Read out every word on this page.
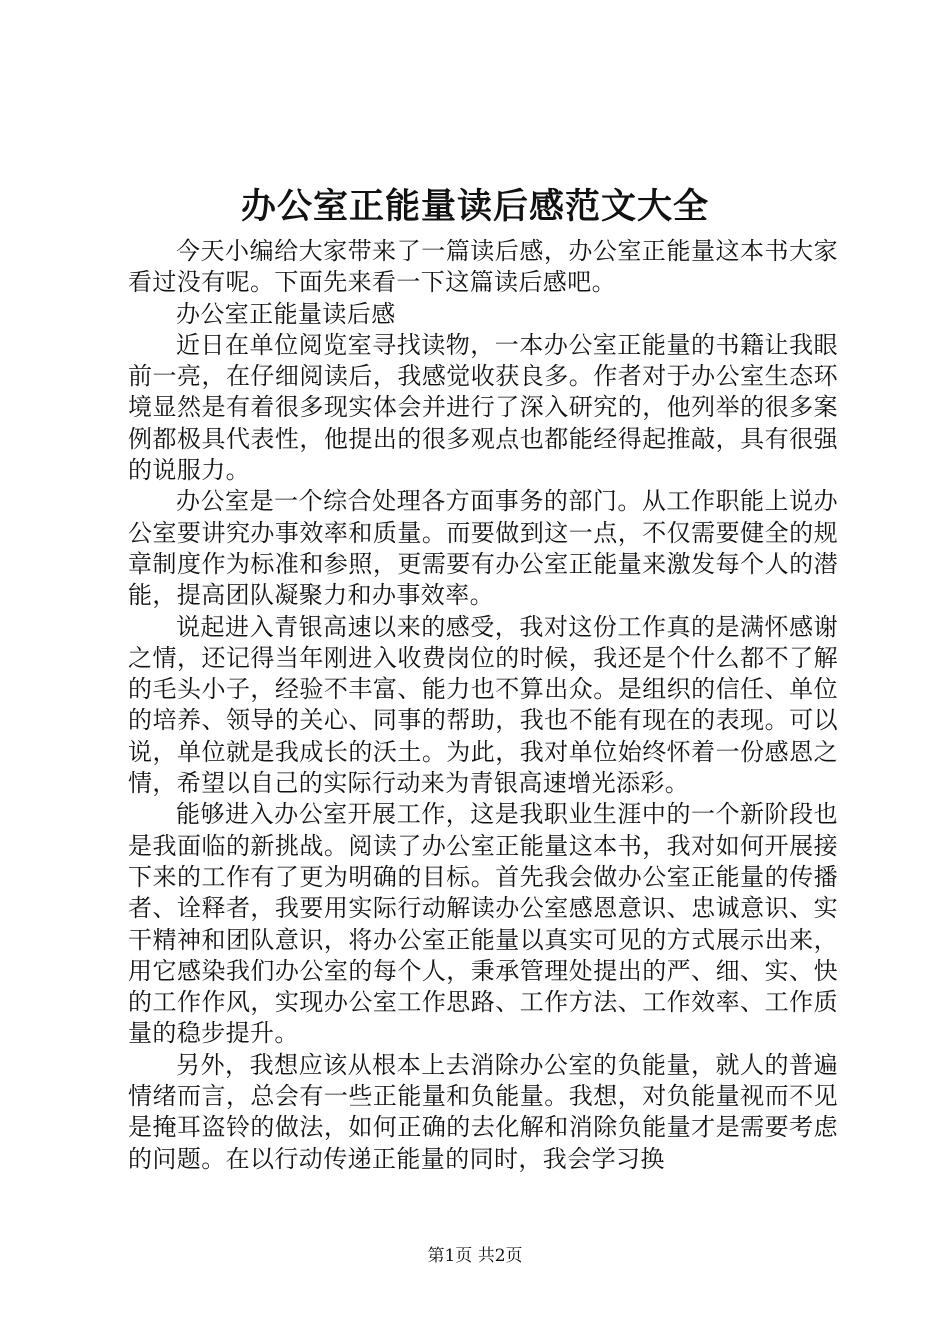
办公室正能量读后感范文大全

今天小编给大家带来了一篇读后感，办公室正能量这本书大家看过没有呢。下面先来看一下这篇读后感吧。

办公室正能量读后感

近日在单位阅览室寻找读物，一本办公室正能量的书籍让我眼前一亮，在仔细阅读后，我感觉收获良多。作者对于办公室生态环境显然是有着很多现实体会并进行了深入研究的，他列举的很多案例都极具代表性，他提出的很多观点也都能经得起推敲，具有很强的说服力。

办公室是一个综合处理各方面事务的部门。从工作职能上说办公室要讲究办事效率和质量。而要做到这一点，不仅需要健全的规章制度作为标准和参照，更需要有办公室正能量来激发每个人的潜能，提高团队凝聚力和办事效率。

说起进入青银高速以来的感受，我对这份工作真的是满怀感谢之情，还记得当年刚进入收费岗位的时候，我还是个什么都不了解的毛头小子，经验不丰富、能力也不算出众。是组织的信任、单位的培养、领导的关心、同事的帮助，我也不能有现在的表现。可以说，单位就是我成长的沃土。为此，我对单位始终怀着一份感恩之情，希望以自己的实际行动来为青银高速增光添彩。

能够进入办公室开展工作，这是我职业生涯中的一个新阶段也是我面临的新挑战。阅读了办公室正能量这本书，我对如何开展接下来的工作有了更为明确的目标。首先我会做办公室正能量的传播者、诠释者，我要用实际行动解读办公室感恩意识、忠诚意识、实干精神和团队意识，将办公室正能量以真实可见的方式展示出来，用它感染我们办公室的每个人，秉承管理处提出的严、细、实、快的工作作风，实现办公室工作思路、工作方法、工作效率、工作质量的稳步提升。

另外，我想应该从根本上去消除办公室的负能量，就人的普遍情绪而言，总会有一些正能量和负能量。我想，对负能量视而不见是掩耳盗铃的做法，如何正确的去化解和消除负能量才是需要考虑的问题。在以行动传递正能量的同时，我会学习换

第1页 共2页
